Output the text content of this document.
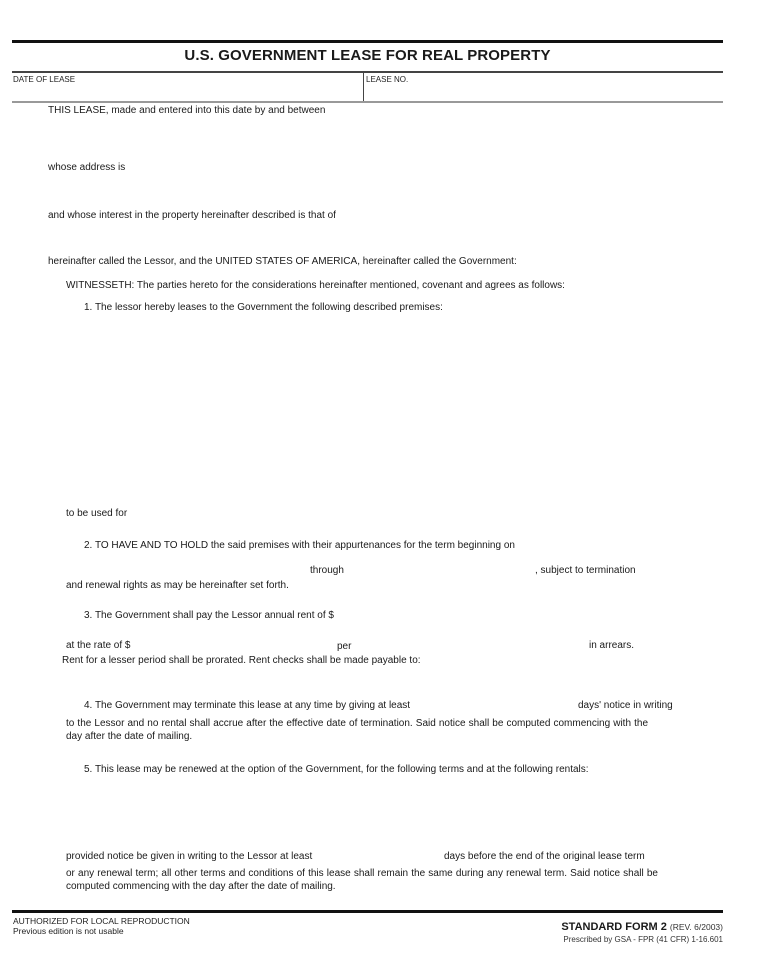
U.S. GOVERNMENT LEASE FOR REAL PROPERTY
DATE OF LEASE	LEASE NO.
THIS LEASE, made and entered into this date by and between
whose address is
and whose interest in the property hereinafter described is that of
hereinafter called the Lessor, and the UNITED STATES OF AMERICA, hereinafter called the Government:
WITNESSETH: The parties hereto for the considerations hereinafter mentioned, covenant and agrees as follows:
1. The lessor hereby leases to the Government the following described premises:
to be used for
2. TO HAVE AND TO HOLD the said premises with their appurtenances for the term beginning on
through	, subject to termination
and renewal rights as may be hereinafter set forth.
3. The Government shall pay the Lessor annual rent of $
at the rate of $	per	in arrears.
Rent for a lesser period shall be prorated. Rent checks shall be made payable to:
4. The Government may terminate this lease at any time by giving at least	days' notice in writing
to the Lessor and no rental shall accrue after the effective date of termination. Said notice shall be computed commencing with the day after the date of mailing.
5. This lease may be renewed at the option of the Government, for the following terms and at the following rentals:
provided notice be given in writing to the Lessor at least	days before the end of the original lease term
or any renewal term; all other terms and conditions of this lease shall remain the same during any renewal term. Said notice shall be computed commencing with the day after the date of mailing.
AUTHORIZED FOR LOCAL REPRODUCTION
Previous edition is not usable	STANDARD FORM 2 (REV. 6/2003)
Prescribed by GSA - FPR (41 CFR) 1-16.601
